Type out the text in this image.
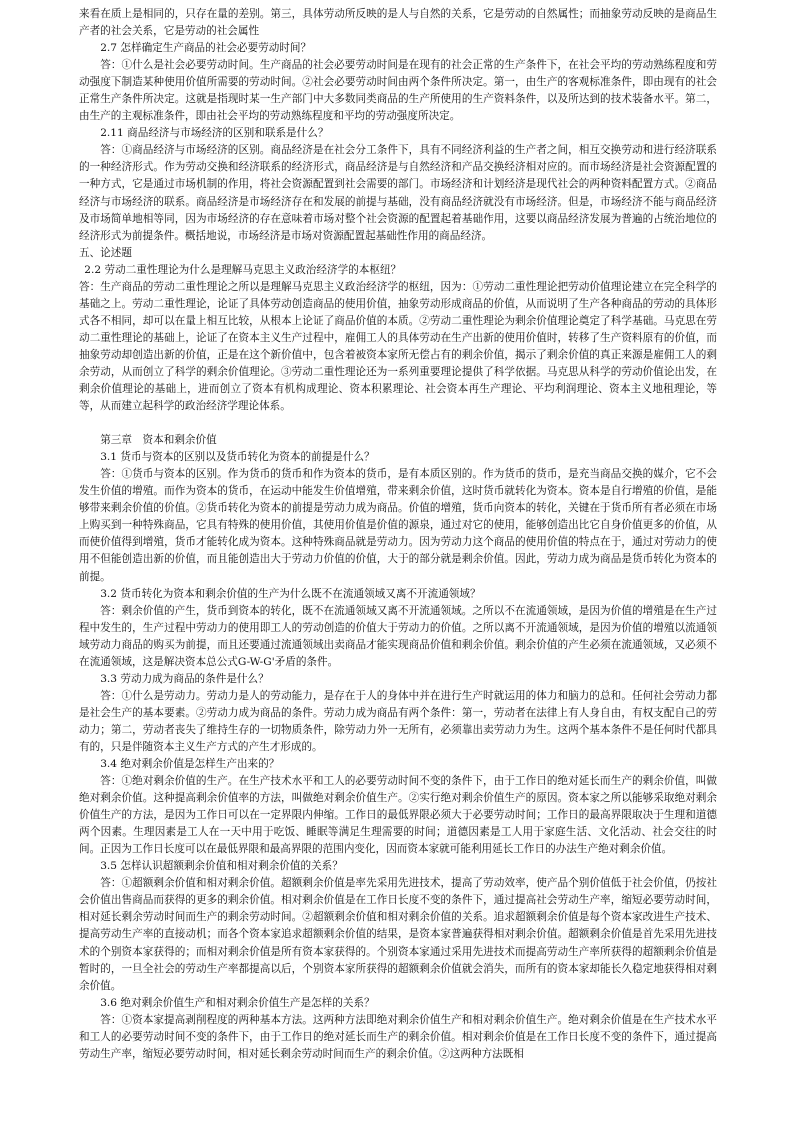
来看在质上是相同的，只存在量的差别。第三，具体劳动所反映的是人与自然的关系，它是劳动的自然属性；而抽象劳动反映的是商品生产者的社会关系，它是劳动的社会属性

2.7 怎样确定生产商品的社会必要劳动时间？

答：①什么是社会必要劳动时间。生产商品的社会必要劳动时间是在现有的社会正常的生产条件下，在社会平均的劳动熟练程度和劳动强度下制造某种使用价值所需要的劳动时间。②社会必要劳动时间由两个条件所决定。第一，由生产的客观标准条件，即由现有的社会正常生产条件所决定。这就是指现时某一生产部门中大多数同类商品的生产所使用的生产资料条件，以及所达到的技术装备水平。第二，由生产的主观标准条件，即由社会平均的劳动熟练程度和平均的劳动强度所决定。

2.11 商品经济与市场经济的区别和联系是什么？

答：①商品经济与市场经济的区别。商品经济是在社会分工条件下，具有不同经济利益的生产者之间，相互交换劳动和进行经济联系的一种经济形式。作为劳动交换和经济联系的经济形式，商品经济是与自然经济和产品交换经济相对应的。而市场经济是社会资源配置的一种方式，它是通过市场机制的作用，将社会资源配置到社会需要的部门。市场经济和计划经济是现代社会的两种资料配置方式。②商品经济与市场经济的联系。商品经济是市场经济存在和发展的前提与基础，没有商品经济就没有市场经济。但是，市场经济不能与商品经济及市场简单地相等同，因为市场经济的存在意味着市场对整个社会资源的配置起着基础作用，这要以商品经济发展为普遍的占统治地位的经济形式为前提条件。概括地说，市场经济是市场对资源配置起基础性作用的商品经济。

五、论述题

2.2 劳动二重性理论为什么是理解马克思主义政治经济学的本枢纽？

答：生产商品的劳动二重性理论之所以是理解马克思主义政治经济学的枢纽，因为：①劳动二重性理论把劳动价值理论建立在完全科学的基础之上。劳动二重性理论，论证了具体劳动创造商品的使用价值，抽象劳动形成商品的价值，从而说明了生产各种商品的劳动的具体形式各不相同，却可以在量上相互比较，从根本上论证了商品价值的本质。②劳动二重性理论为剩余价值理论奠定了科学基础。马克思在劳动二重性理论的基础上，论证了在资本主义生产过程中，雇佣工人的具体劳动在生产出新的使用价值时，转移了生产资料原有的价值，而抽象劳动却创造出新的价值，正是在这个新价值中，包含着被资本家所无偿占有的剩余价值，揭示了剩余价值的真正来源是雇佣工人的剩余劳动，从而创立了科学的剩余价值理论。③劳动二重性理论还为一系列重要理论提供了科学依据。马克思从科学的劳动价值论出发，在剩余价值理论的基础上，进而创立了资本有机构成理论、资本积累理论、社会资本再生产理论、平均利润理论、资本主义地租理论，等等，从而建立起科学的政治经济学理论体系。

第三章　资本和剩余价值

3.1 货币与资本的区别以及货币转化为资本的前提是什么？

答：①货币与资本的区别。作为货币的货币和作为资本的货币，是有本质区别的。作为货币的货币，是充当商品交换的媒介，它不会发生价值的增殖。而作为资本的货币，在运动中能发生价值增殖，带来剩余价值，这时货币就转化为资本。资本是自行增殖的价值，是能够带来剩余价值的价值。②货币转化为资本的前提是劳动力成为商品。价值的增殖，货币向资本的转化，关键在于货币所有者必须在市场上购买到一种特殊商品，它具有特殊的使用价值，其使用价值是价值的源泉，通过对它的使用，能够创造出比它自身价值更多的价值，从而使价值得到增殖，货币才能转化成为资本。这种特殊商品就是劳动力。因为劳动力这个商品的使用价值的特点在于，通过对劳动力的使用不但能创造出新的价值，而且能创造出大于劳动力价值的价值，大于的部分就是剩余价值。因此，劳动力成为商品是货币转化为资本的前提。

3.2 货币转化为资本和剩余价值的生产为什么既不在流通领域又离不开流通领域？

答：剩余价值的产生，货币到资本的转化，既不在流通领域又离不开流通领域。之所以不在流通领域，是因为价值的增殖是在生产过程中发生的，生产过程中劳动力的使用即工人的劳动创造的价值大于劳动力的价值。之所以离不开流通领域，是因为价值的增殖以流通领域劳动力商品的购买为前提，而且还要通过流通领域出卖商品才能实现商品价值和剩余价值。剩余价值的产生必须在流通领域，又必须不在流通领域，这是解决资本总公式G-W-G'矛盾的条件。

3.3 劳动力成为商品的条件是什么？

答：①什么是劳动力。劳动力是人的劳动能力，是存在于人的身体中并在进行生产时就运用的体力和脑力的总和。任何社会劳动力都是社会生产的基本要素。②劳动力成为商品的条件。劳动力成为商品有两个条件：第一，劳动者在法律上有人身自由，有权支配自己的劳动力；第二，劳动者丧失了维持生存的一切物质条件，除劳动力外一无所有，必须靠出卖劳动力为生。这两个基本条件不是任何时代都具有的，只是伴随资本主义生产方式的产生才形成的。

3.4 绝对剩余价值是怎样生产出来的？

答：①绝对剩余价值的生产。在生产技术水平和工人的必要劳动时间不变的条件下，由于工作日的绝对延长而生产的剩余价值，叫做绝对剩余价值。这种提高剩余价值率的方法，叫做绝对剩余价值生产。②实行绝对剩余价值生产的原因。资本家之所以能够采取绝对剩余价值生产的方法，是因为工作日可以在一定界限内伸缩。工作日的最低界限必须大于必要劳动时间；工作日的最高界限取决于生理和道德两个因素。生理因素是工人在一天中用于吃饭、睡眠等满足生理需要的时间；道德因素是工人用于家庭生活、文化活动、社会交往的时间。正因为工作日长度可以在最低界限和最高界限的范围内变化，因而资本家就可能利用延长工作日的办法生产绝对剩余价值。

3.5 怎样认识超额剩余价值和相对剩余价值的关系？

答：①超额剩余价值和相对剩余价值。超额剩余价值是率先采用先进技术，提高了劳动效率，使产品个别价值低于社会价值，仍按社会价值出售商品而获得的更多的剩余价值。相对剩余价值是在工作日长度不变的条件下，通过提高社会劳动生产率，缩短必要劳动时间，相对延长剩余劳动时间而生产的剩余劳动时间。②超额剩余价值和相对剩余价值的关系。追求超额剩余价值是每个资本家改进生产技术、提高劳动生产率的直接动机；而各个资本家追求超额剩余价值的结果，是资本家普遍获得相对剩余价值。超额剩余价值是首先采用先进技术的个别资本家获得的；而相对剩余价值是所有资本家获得的。个别资本家通过采用先进技术而提高劳动生产率所获得的超额剩余价值是暂时的，一旦全社会的劳动生产率都提高以后，个别资本家所获得的超额剩余价值就会消失，而所有的资本家却能长久稳定地获得相对剩余价值。

3.6 绝对剩余价值生产和相对剩余价值生产是怎样的关系？

答：①资本家提高剥削程度的两种基本方法。这两种方法即绝对剩余价值生产和相对剩余价值生产。绝对剩余价值是在生产技术水平和工人的必要劳动时间不变的条件下，由于工作日的绝对延长而生产的剩余价值。相对剩余价值是在工作日长度不变的条件下，通过提高劳动生产率，缩短必要劳动时间，相对延长剩余劳动时间而生产的剩余价值。②这两种方法既相
